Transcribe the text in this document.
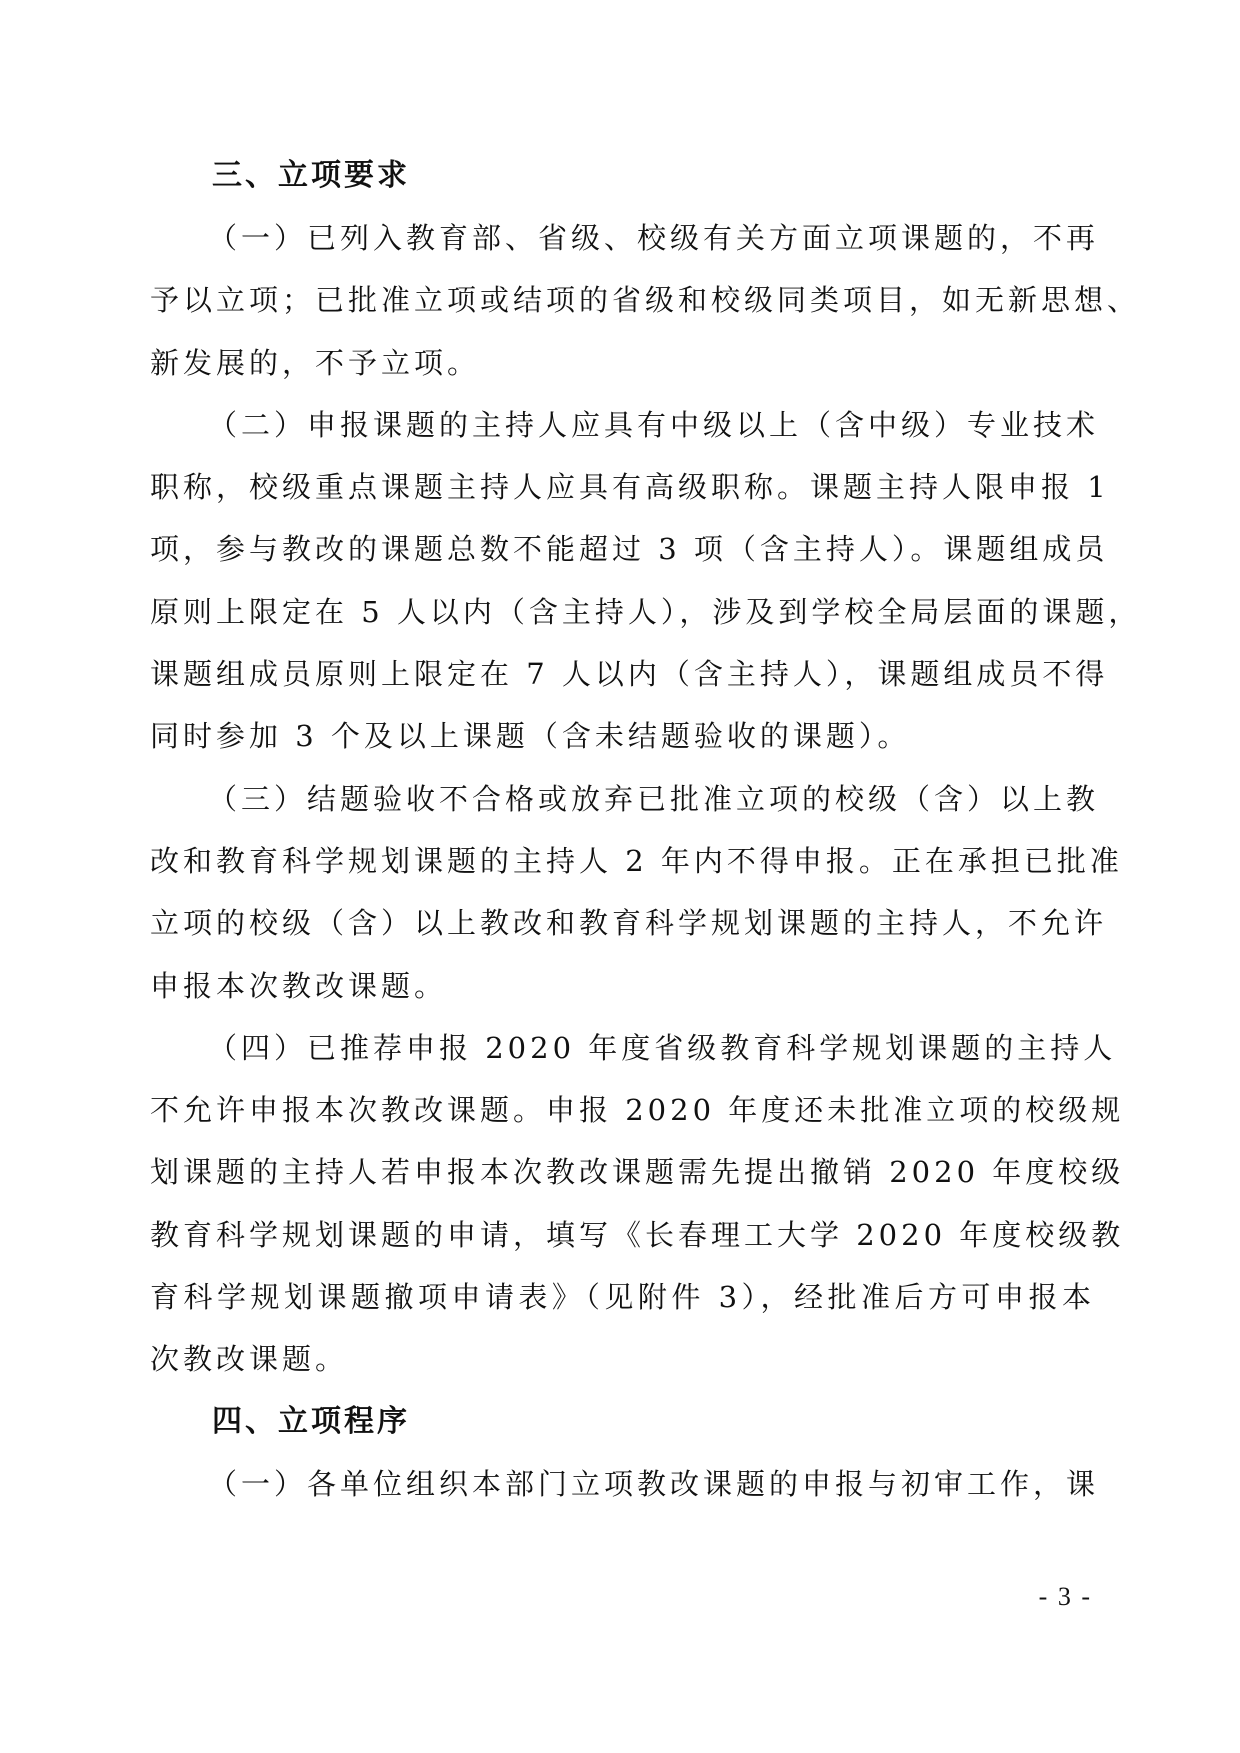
三、立项要求

（一）已列入教育部、省级、校级有关方面立项课题的，不再
予以立项；已批准立项或结项的省级和校级同类项目，如无新思想、
新发展的，不予立项。

（二）申报课题的主持人应具有中级以上（含中级）专业技术
职称，校级重点课题主持人应具有高级职称。课题主持人限申报 1
项，参与教改的课题总数不能超过 3 项（含主持人）。课题组成员
原则上限定在 5 人以内（含主持人），涉及到学校全局层面的课题，
课题组成员原则上限定在 7 人以内（含主持人），课题组成员不得
同时参加 3 个及以上课题（含未结题验收的课题）。

（三）结题验收不合格或放弃已批准立项的校级（含）以上教
改和教育科学规划课题的主持人 2 年内不得申报。正在承担已批准
立项的校级（含）以上教改和教育科学规划课题的主持人，不允许
申报本次教改课题。

（四）已推荐申报 2020 年度省级教育科学规划课题的主持人
不允许申报本次教改课题。申报 2020 年度还未批准立项的校级规
划课题的主持人若申报本次教改课题需先提出撤销 2020 年度校级
教育科学规划课题的申请，填写《长春理工大学 2020 年度校级教
育科学规划课题撤项申请表》（见附件 3），经批准后方可申报本
次教改课题。

四、立项程序

（一）各单位组织本部门立项教改课题的申报与初审工作，课

- 3 -
